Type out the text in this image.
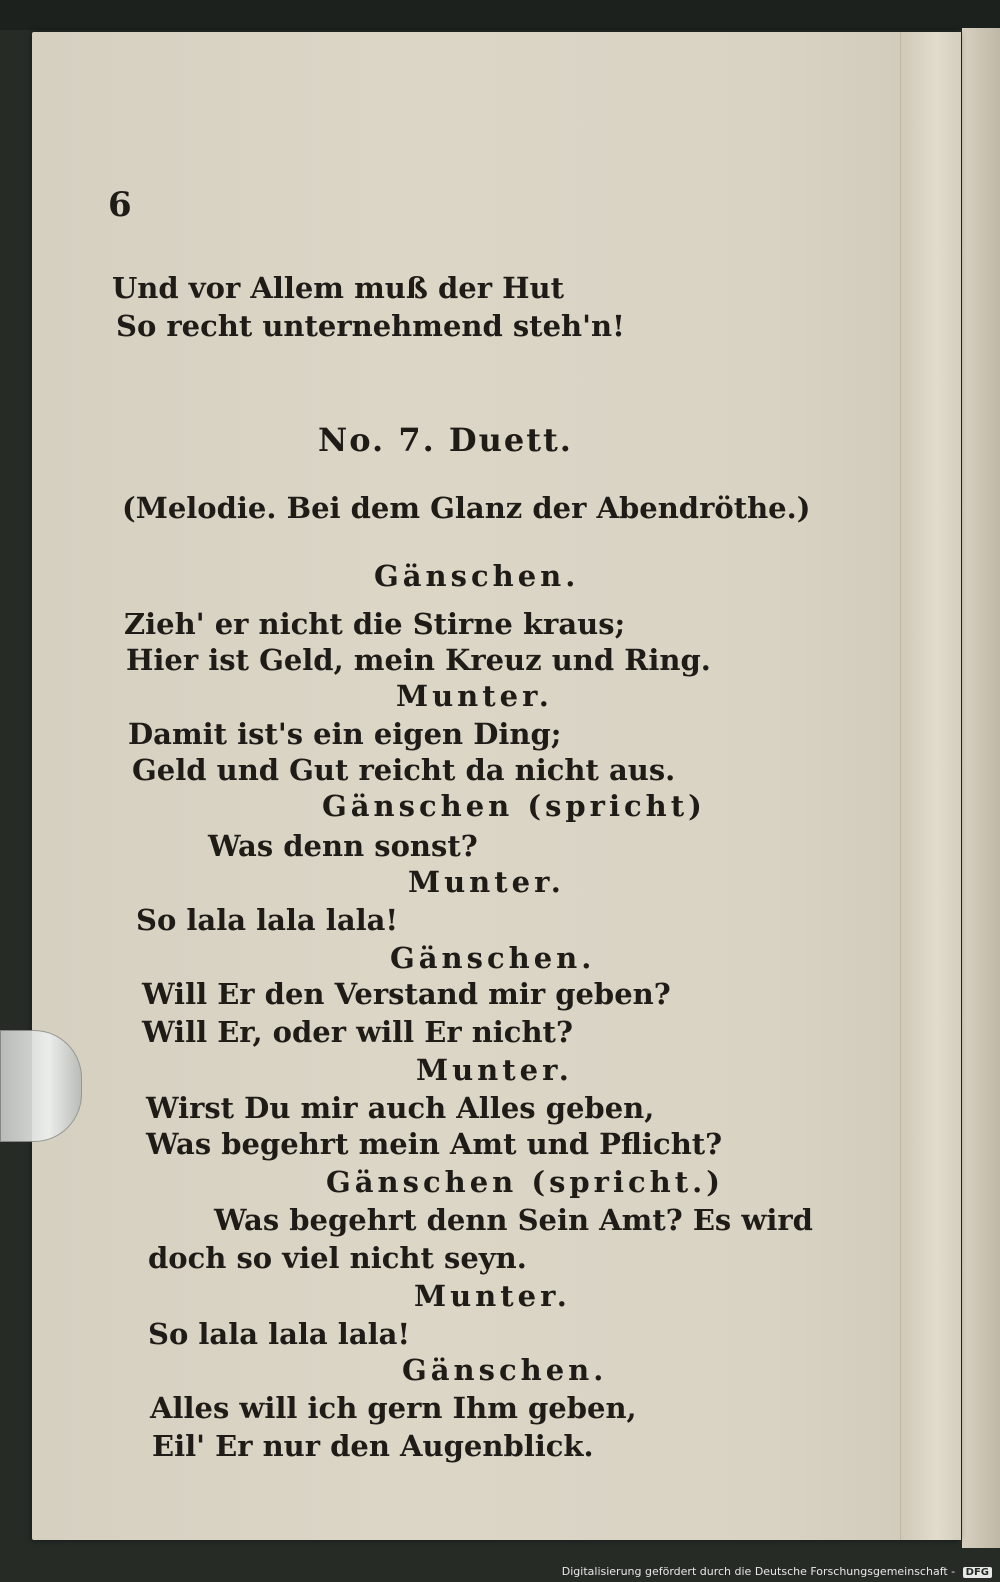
6
Und vor Allem muß der Hut
So recht unternehmend steh'n!
No. 7. Duett.
(Melodie. Bei dem Glanz der Abendröthe.)
Gänschen.
Zieh' er nicht die Stirne kraus;
Hier ist Geld, mein Kreuz und Ring.
Munter.
Damit ist's ein eigen Ding;
Geld und Gut reicht da nicht aus.
Gänschen (spricht)
Was denn sonst?
Munter.
So lala lala lala!
Gänschen.
Will Er den Verstand mir geben?
Will Er, oder will Er nicht?
Munter.
Wirst Du mir auch Alles geben,
Was begehrt mein Amt und Pflicht?
Gänschen (spricht.)
Was begehrt denn Sein Amt? Es wird
doch so viel nicht seyn.
Munter.
So lala lala lala!
Gänschen.
Alles will ich gern Ihm geben,
Eil' Er nur den Augenblick.
Digitalisierung gefördert durch die Deutsche Forschungsgemeinschaft - DFG
